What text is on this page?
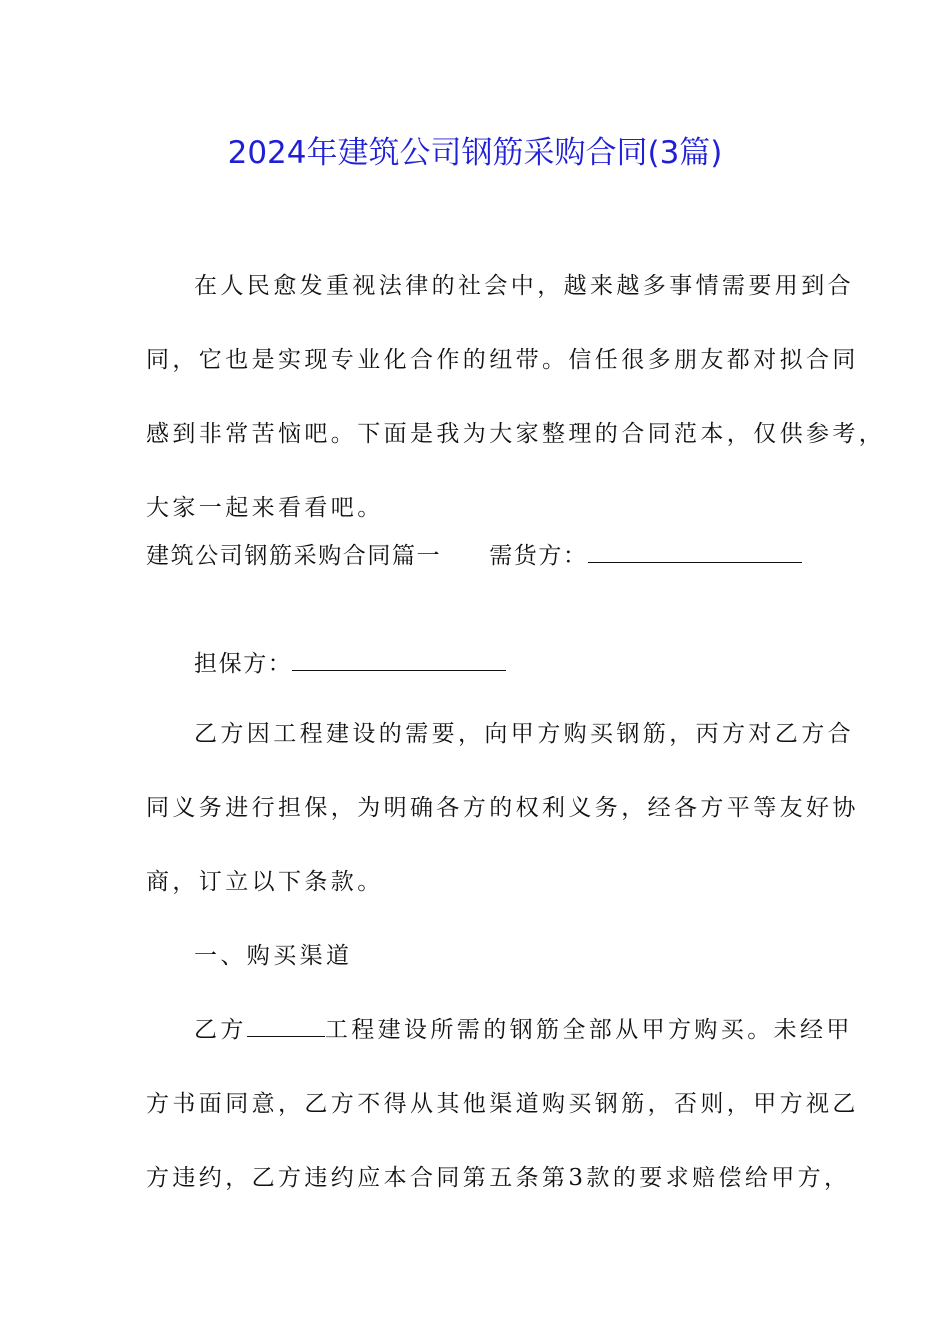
2024年建筑公司钢筋采购合同(3篇)
在人民愈发重视法律的社会中，越来越多事情需要用到合
同，它也是实现专业化合作的纽带。信任很多朋友都对拟合同
感到非常苦恼吧。下面是我为大家整理的合同范本，仅供参考，
大家一起来看看吧。
建筑公司钢筋采购合同篇一 需货方：
担保方：
乙方因工程建设的需要，向甲方购买钢筋，丙方对乙方合
同义务进行担保，为明确各方的权利义务，经各方平等友好协
商，订立以下条款。
一、购买渠道
乙方	工程建设所需的钢筋全部从甲方购买。未经甲
方书面同意，乙方不得从其他渠道购买钢筋，否则，甲方视乙
方违约，乙方违约应本合同第五条第3款的要求赔偿给甲方，
